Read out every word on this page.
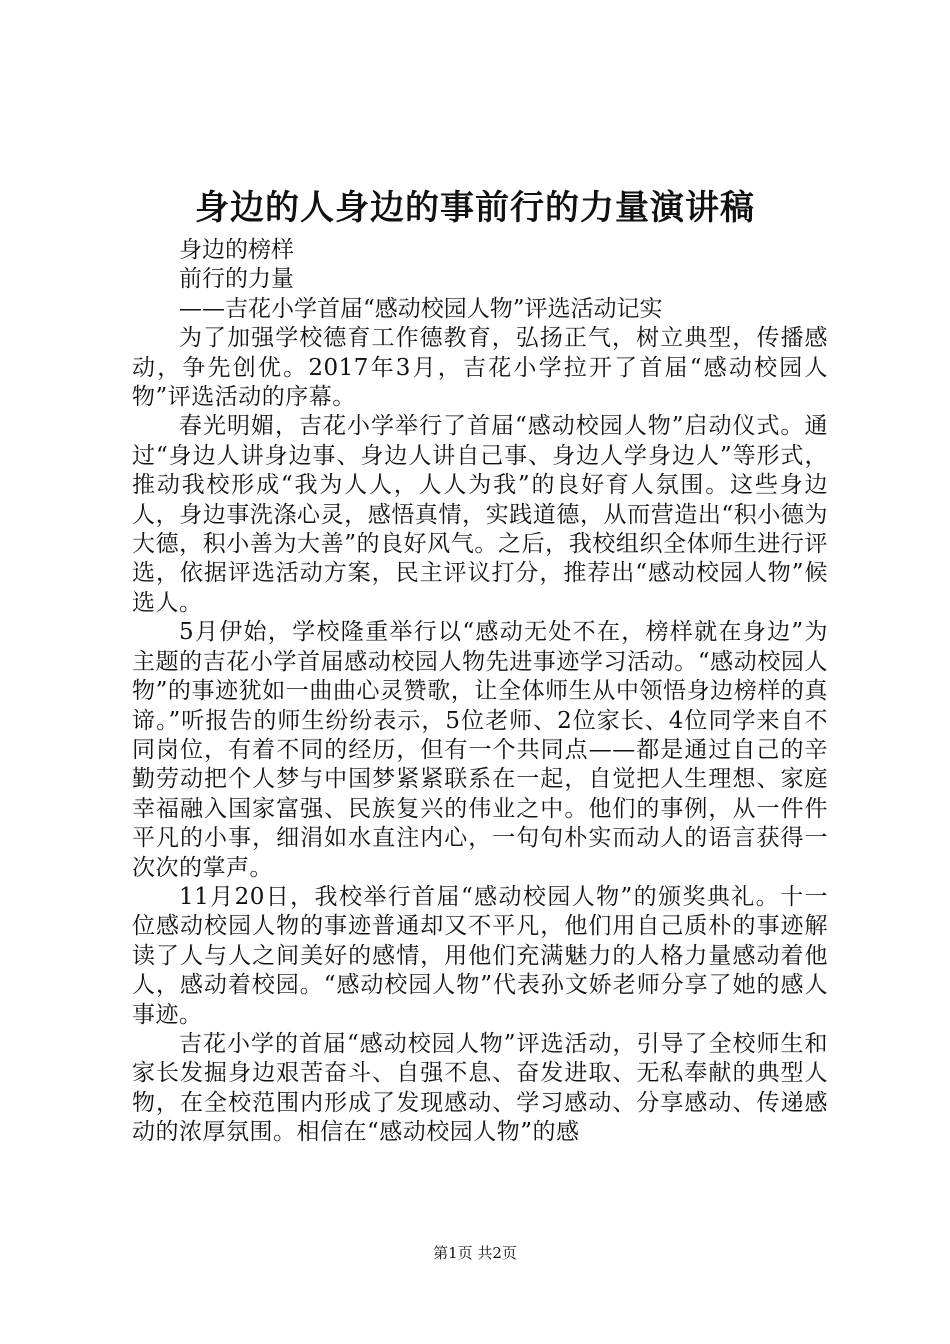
身边的人身边的事前行的力量演讲稿
身边的榜样
前行的力量
——吉花小学首届“感动校园人物”评选活动记实

为了加强学校德育工作德教育，弘扬正气，树立典型，传播感动，争先创优。2017年3月，吉花小学拉开了首届“感动校园人物”评选活动的序幕。

春光明媚，吉花小学举行了首届“感动校园人物”启动仪式。通过“身边人讲身边事、身边人讲自己事、身边人学身边人”等形式，推动我校形成“我为人人，人人为我”的良好育人氛围。这些身边人，身边事洗涤心灵，感悟真情，实践道德，从而营造出“积小德为大德，积小善为大善”的良好风气。之后，我校组织全体师生进行评选，依据评选活动方案，民主评议打分，推荐出“感动校园人物”候选人。

5月伊始，学校隆重举行以“感动无处不在，榜样就在身边”为主题的吉花小学首届感动校园人物先进事迹学习活动。“感动校园人物”的事迹犹如一曲曲心灵赞歌，让全体师生从中领悟身边榜样的真谛。”听报告的师生纷纷表示，5位老师、2位家长、4位同学来自不同岗位，有着不同的经历，但有一个共同点——都是通过自己的辛勤劳动把个人梦与中国梦紧紧联系在一起，自觉把人生理想、家庭幸福融入国家富强、民族复兴的伟业之中。他们的事例，从一件件平凡的小事，细涓如水直注内心，一句句朴实而动人的语言获得一次次的掌声。

11月20日，我校举行首届“感动校园人物”的颁奖典礼。十一位感动校园人物的事迹普通却又不平凡，他们用自己质朴的事迹解读了人与人之间美好的感情，用他们充满魅力的人格力量感动着他人，感动着校园。“感动校园人物”代表孙文娇老师分享了她的感人事迹。

吉花小学的首届“感动校园人物”评选活动，引导了全校师生和家长发掘身边艰苦奋斗、自强不息、奋发进取、无私奉献的典型人物，在全校范围内形成了发现感动、学习感动、分享感动、传递感动的浓厚氛围。相信在“感动校园人物”的感

第1页 共2页
